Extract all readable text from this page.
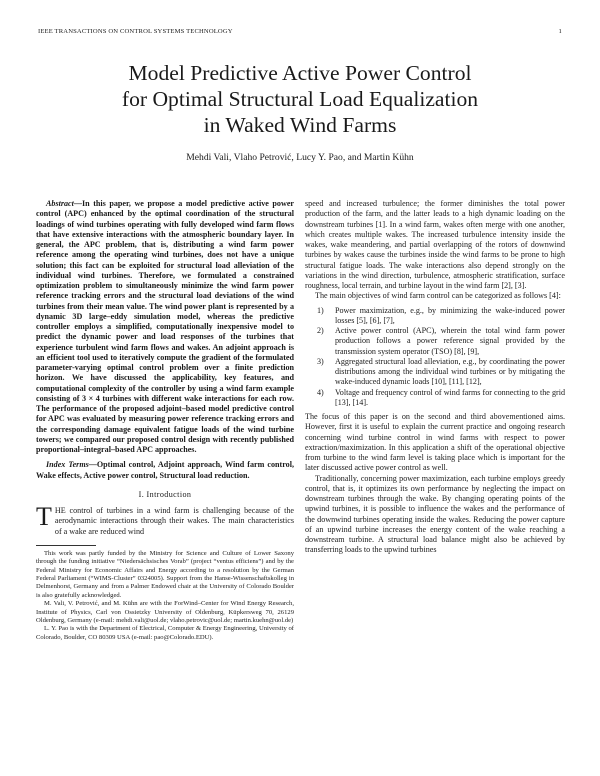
IEEE TRANSACTIONS ON CONTROL SYSTEMS TECHNOLOGY	1
Model Predictive Active Power Control
for Optimal Structural Load Equalization
in Waked Wind Farms
Mehdi Vali, Vlaho Petrović, Lucy Y. Pao, and Martin Kühn

Abstract—In this paper, we propose a model predictive active power control (APC) enhanced by the optimal coordination of the structural loadings of wind turbines operating with fully developed wind farm flows that have extensive interactions with the atmospheric boundary layer. In general, the APC problem, that is, distributing a wind farm power reference among the operating wind turbines, does not have a unique solution; this fact can be exploited for structural load alleviation of the individual wind turbines. Therefore, we formulated a constrained optimization problem to simultaneously minimize the wind farm power reference tracking errors and the structural load deviations of the wind turbines from their mean value. The wind power plant is represented by a dynamic 3D large–eddy simulation model, whereas the predictive controller employs a simplified, computationally inexpensive model to predict the dynamic power and load responses of the turbines that experience turbulent wind farm flows and wakes. An adjoint approach is an efficient tool used to iteratively compute the gradient of the formulated parameter-varying optimal control problem over a finite prediction horizon. We have discussed the applicability, key features, and computational complexity of the controller by using a wind farm example consisting of 3 × 4 turbines with different wake interactions for each row. The performance of the proposed adjoint–based model predictive control for APC was evaluated by measuring power reference tracking errors and the corresponding damage equivalent fatigue loads of the wind turbine towers; we compared our proposed control design with recently published proportional–integral–based APC approaches.

Index Terms—Optimal control, Adjoint approach, Wind farm control, Wake effects, Active power control, Structural load reduction.

I. Introduction

THE control of turbines in a wind farm is challenging because of the aerodynamic interactions through their wakes. The main characteristics of a wake are reduced wind

This work was partly funded by the Ministry for Science and Culture of Lower Saxony through the funding initiative “Niedersächsisches Vorab” (project “ventus efficiens”) and by the Federal Ministry for Economic Affairs and Energy according to a resolution by the German Federal Parliament (“WIMS-Cluster” 0324005). Support from the Hanse-Wissenschaftskolleg in Delmenhorst, Germany and from a Palmer Endowed chair at the University of Colorado Boulder is also gratefully acknowledged.

M. Vali, V. Petrović, and M. Kühn are with the ForWind–Center for Wind Energy Research, Institute of Physics, Carl von Ossietzky University of Oldenburg, Küpkersweg 70, 26129 Oldenburg, Germany (e-mail: mehdi.vali@uol.de; vlaho.petrovic@uol.de; martin.kuehn@uol.de)

L. Y. Pao is with the Department of Electrical, Computer & Energy Engineering, University of Colorado, Boulder, CO 80309 USA (e-mail: pao@Colorado.EDU).

speed and increased turbulence; the former diminishes the total power production of the farm, and the latter leads to a high dynamic loading on the downstream turbines [1]. In a wind farm, wakes often merge with one another, which creates multiple wakes. The increased turbulence intensity inside the wakes, wake meandering, and partial overlapping of the rotors of downwind turbines by wakes cause the turbines inside the wind farms to be prone to high structural fatigue loads. The wake interactions also depend strongly on the variations in the wind direction, turbulence, atmospheric stratification, surface roughness, local terrain, and turbine layout in the wind farm [2], [3].

The main objectives of wind farm control can be categorized as follows [4]:

1) Power maximization, e.g., by minimizing the wake-induced power losses [5], [6], [7],
2) Active power control (APC), wherein the total wind farm power production follows a power reference signal provided by the transmission system operator (TSO) [8], [9],
3) Aggregated structural load alleviation, e.g., by coordinating the power distributions among the individual wind turbines or by mitigating the wake-induced dynamic loads [10], [11], [12],
4) Voltage and frequency control of wind farms for connecting to the grid [13], [14].

The focus of this paper is on the second and third abovementioned aims. However, first it is useful to explain the current practice and ongoing research concerning wind turbine control in wind farms with respect to power extraction/maximization. In this application a shift of the operational objective from turbine to the wind farm level is taking place which is important for the later discussed active power control as well.

Traditionally, concerning power maximization, each turbine employs greedy control, that is, it optimizes its own performance by neglecting the impact on downstream turbines through the wake. By changing operating points of the upwind turbines, it is possible to influence the wakes and the performance of the downwind turbines operating inside the wakes. Reducing the power capture of an upwind turbine increases the energy content of the wake reaching a downstream turbine. A structural load balance might also be achieved by transferring loads to the upwind turbines
